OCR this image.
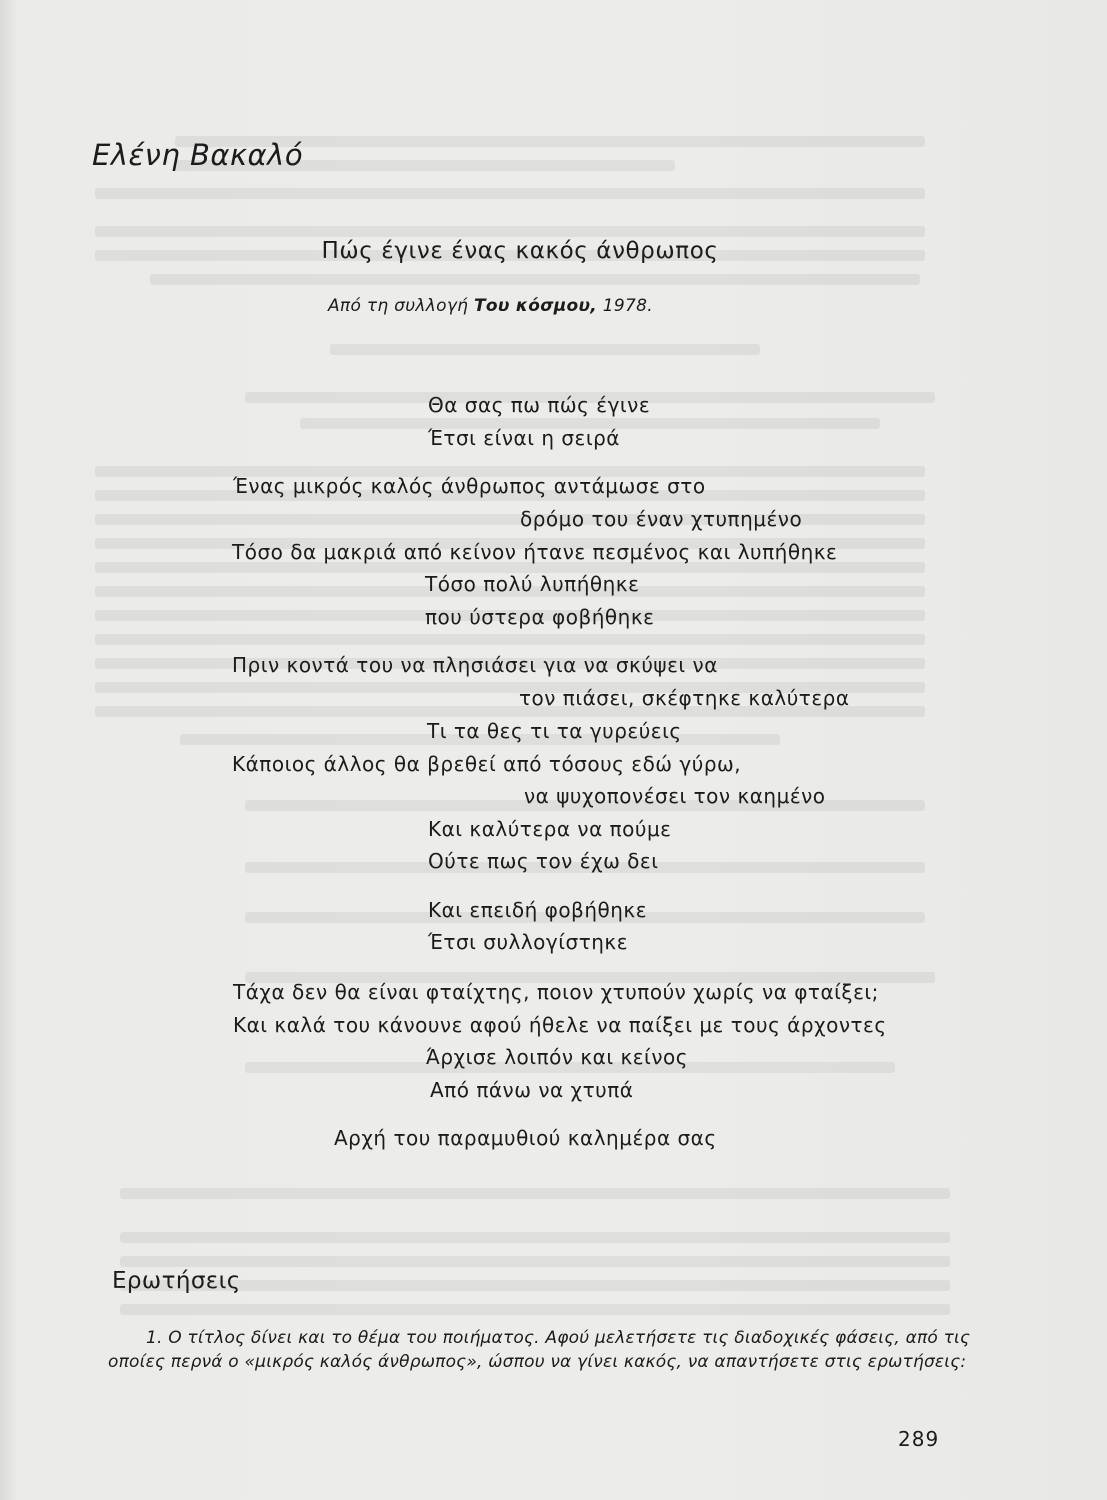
Ελένη Βακαλό
Πώς έγινε ένας κακός άνθρωπος
Από τη συλλογή Του κόσμου, 1978.
Θα σας πω πώς έγινε
Έτσι είναι η σειρά
Ένας μικρός καλός άνθρωπος αντάμωσε στο
δρόμο του έναν χτυπημένο
Τόσο δα μακριά από κείνον ήτανε πεσμένος και λυπήθηκε
Τόσο πολύ λυπήθηκε
που ύστερα φοβήθηκε
Πριν κοντά του να πλησιάσει για να σκύψει να
τον πιάσει, σκέφτηκε καλύτερα
Τι τα θες τι τα γυρεύεις
Κάποιος άλλος θα βρεθεί από τόσους εδώ γύρω,
να ψυχοπονέσει τον καημένο
Και καλύτερα να πούμε
Ούτε πως τον έχω δει
Και επειδή φοβήθηκε
Έτσι συλλογίστηκε
Τάχα δεν θα είναι φταίχτης, ποιον χτυπούν χωρίς να φταίξει;
Και καλά του κάνουνε αφού ήθελε να παίξει με τους άρχοντες
Άρχισε λοιπόν και κείνος
Από πάνω να χτυπά
Αρχή του παραμυθιού καλημέρα σας
Ερωτήσεις
1. Ο τίτλος δίνει και το θέμα του ποιήματος. Αφού μελετήσετε τις διαδοχικές φάσεις, από τις οποίες περνά ο «μικρός καλός άνθρωπος», ώσπου να γίνει κακός, να απαντήσετε στις ερωτήσεις:
289
